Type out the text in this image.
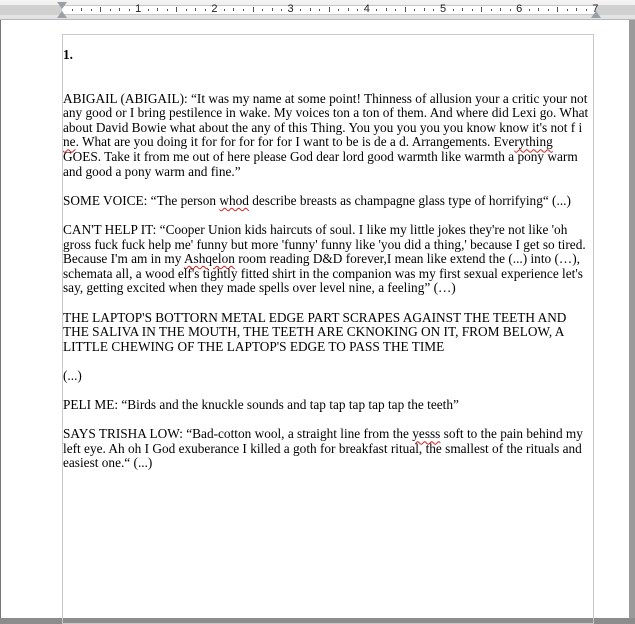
1	2	3	4	5	6	7

1.

ABIGAIL (ABIGAIL): “It was my name at some point! Thinness of allusion your a critic your not any good or I bring pestilence in wake. My voices ton a ton of them. And where did Lexi go. What about David Bowie what about the any of this Thing. You you you you you know know it's not f i ne. What are you doing it for for for for for I want to be is de a d. Arrangements. Everything GOES. Take it from me out of here please God dear lord good warmth like warmth a pony warm and good a pony warm and fine.”

SOME VOICE: “The person whod describe breasts as champagne glass type of horrifying“ (...)

CAN'T HELP IT: “Cooper Union kids haircuts of soul. I like my little jokes they're not like 'oh gross fuck fuck help me' funny but more 'funny' funny like 'you did a thing,' because I get so tired. Because I'm am in my Ashqelon room reading D&D forever,I mean like extend the (...) into (…), schemata all, a wood elf's tightly fitted shirt in the companion was my first sexual experience let's say, getting excited when they made spells over level nine, a feeling” (…)

THE LAPTOP'S BOTTORN METAL EDGE PART SCRAPES AGAINST THE TEETH AND THE SALIVA IN THE MOUTH, THE TEETH ARE CKNOKING ON IT, FROM BELOW, A LITTLE CHEWING OF THE LAPTOP'S EDGE TO PASS THE TIME

(...)

PELI ME: “Birds and the knuckle sounds and tap tap tap tap tap the teeth”

SAYS TRISHA LOW: “Bad-cotton wool, a straight line from the yesss soft to the pain behind my left eye. Ah oh I God exuberance I killed a goth for breakfast ritual, the smallest of the rituals and easiest one.“ (...)
